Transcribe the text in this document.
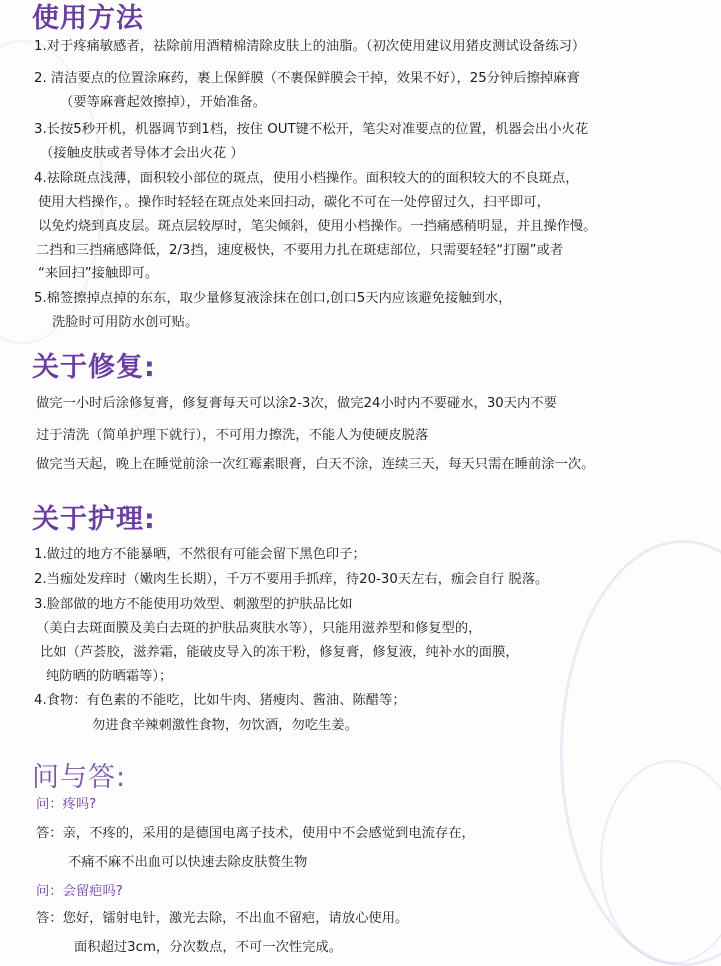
使用方法

1.对于疼痛敏感者，祛除前用酒精棉清除皮肤上的油脂。（初次使用建议用猪皮测试设备练习）

2. 清洁要点的位置涂麻药，裹上保鲜膜（不裹保鲜膜会干掉，效果不好），25分钟后擦掉麻膏

（要等麻膏起效擦掉），开始准备。

3.长按5秒开机，机器调节到1档，按住 OUT键不松开，笔尖对准要点的位置，机器会出小火花

（接触皮肤或者导体才会出火花 ）

4.祛除斑点浅薄，面积较小部位的斑点，使用小档操作。面积较大的的面积较大的不良斑点，

使用大档操作，。操作时轻轻在斑点处来回扫动，碳化不可在一处停留过久，扫平即可，

以免灼烧到真皮层。斑点层较厚时，笔尖倾斜，使用小档操作。一挡痛感稍明显，并且操作慢。

二挡和三挡痛感降低，2/3挡，速度极快，不要用力扎在斑痣部位，只需要轻轻“打圈”或者

“来回扫”接触即可。

5.棉签擦掉点掉的东东，取少量修复液涂抹在创口,创口5天内应该避免接触到水，

洗脸时可用防水创可贴。

关于修复:

做完一小时后涂修复膏，修复膏每天可以涂2-3次，做完24小时内不要碰水，30天内不要

过于清洗（简单护理下就行），不可用力擦洗，不能人为使硬皮脱落

做完当天起，晚上在睡觉前涂一次红霉素眼膏，白天不涂，连续三天，每天只需在睡前涂一次。

关于护理:

1.做过的地方不能暴晒，不然很有可能会留下黑色印子；

2.当痂处发痒时（嫩肉生长期），千万不要用手抓痒，待20-30天左右，痂会自行 脱落。

3.脸部做的地方不能使用功效型、刺激型的护肤品比如

（美白去斑面膜及美白去斑的护肤品爽肤水等），只能用滋养型和修复型的，

比如（芦荟胶，滋养霜，能破皮导入的冻干粉，修复膏，修复液，纯补水的面膜，

纯防晒的防晒霜等）；

4.食物：有色素的不能吃，比如牛肉、猪瘦肉、酱油、陈醋等；

勿进食辛辣刺激性食物，勿饮酒，勿吃生姜。

问与答:

问：疼吗?

答：亲，不疼的，采用的是德国电离子技术，使用中不会感觉到电流存在，

不痛不麻不出血可以快速去除皮肤赘生物

问：会留疤吗?

答：您好，镭射电针，激光去除，不出血不留疤，请放心使用。

面积超过3cm，分次数点，不可一次性完成。
